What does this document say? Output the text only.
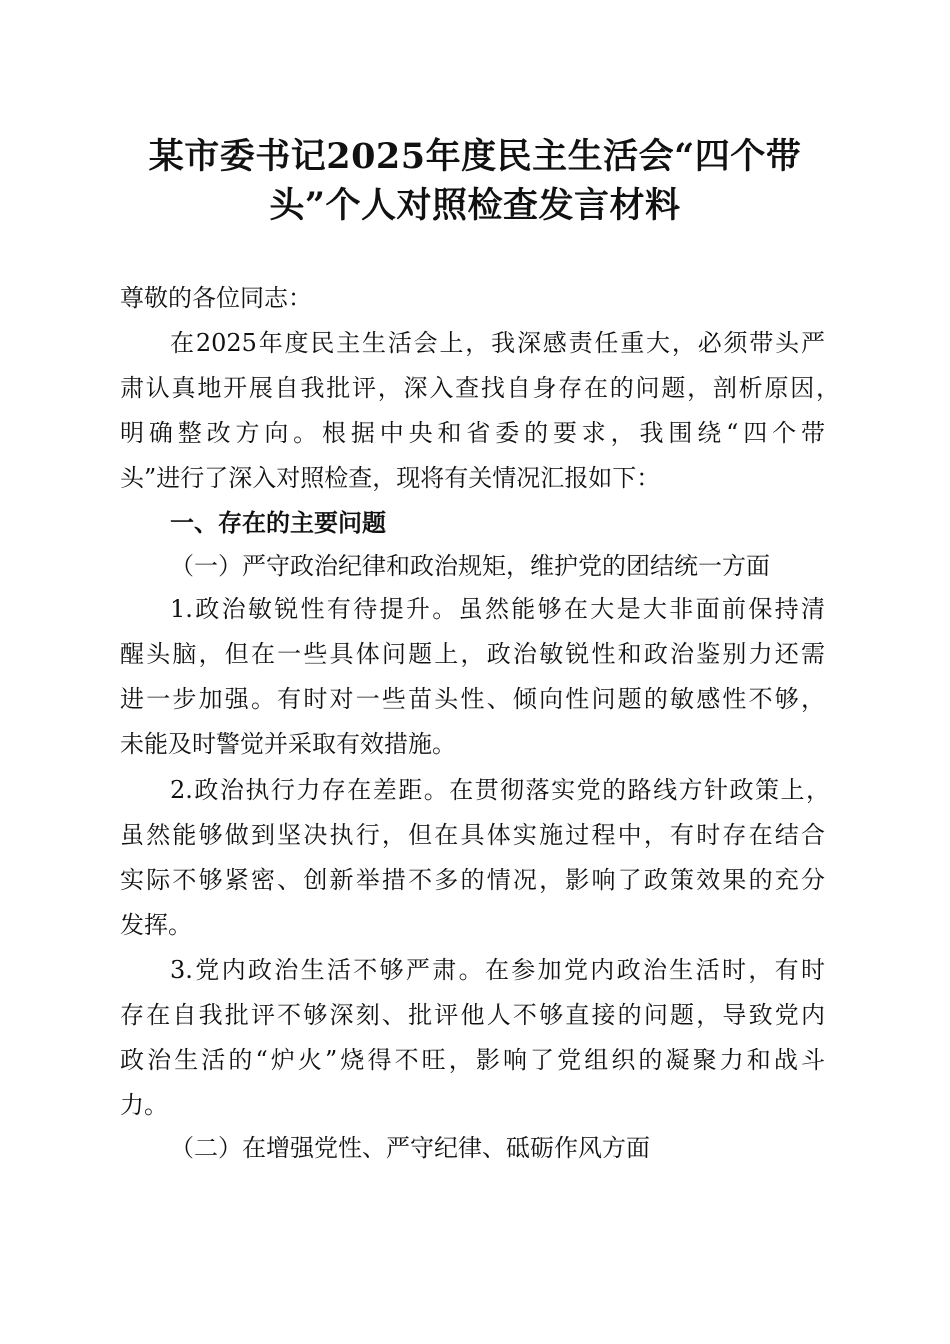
某市委书记2025年度民主生活会“四个带
头”个人对照检查发言材料
尊敬的各位同志：
在2025年度民主生活会上，我深感责任重大，必须带头严
肃认真地开展自我批评，深入查找自身存在的问题，剖析原因，
明确整改方向。根据中央和省委的要求，我围绕“四个带
头”进行了深入对照检查，现将有关情况汇报如下：
一、存在的主要问题
（一）严守政治纪律和政治规矩，维护党的团结统一方面
1.政治敏锐性有待提升。虽然能够在大是大非面前保持清
醒头脑，但在一些具体问题上，政治敏锐性和政治鉴别力还需
进一步加强。有时对一些苗头性、倾向性问题的敏感性不够，
未能及时警觉并采取有效措施。
2.政治执行力存在差距。在贯彻落实党的路线方针政策上，
虽然能够做到坚决执行，但在具体实施过程中，有时存在结合
实际不够紧密、创新举措不多的情况，影响了政策效果的充分
发挥。
3.党内政治生活不够严肃。在参加党内政治生活时，有时
存在自我批评不够深刻、批评他人不够直接的问题，导致党内
政治生活的“炉火”烧得不旺，影响了党组织的凝聚力和战斗
力。
（二）在增强党性、严守纪律、砥砺作风方面
